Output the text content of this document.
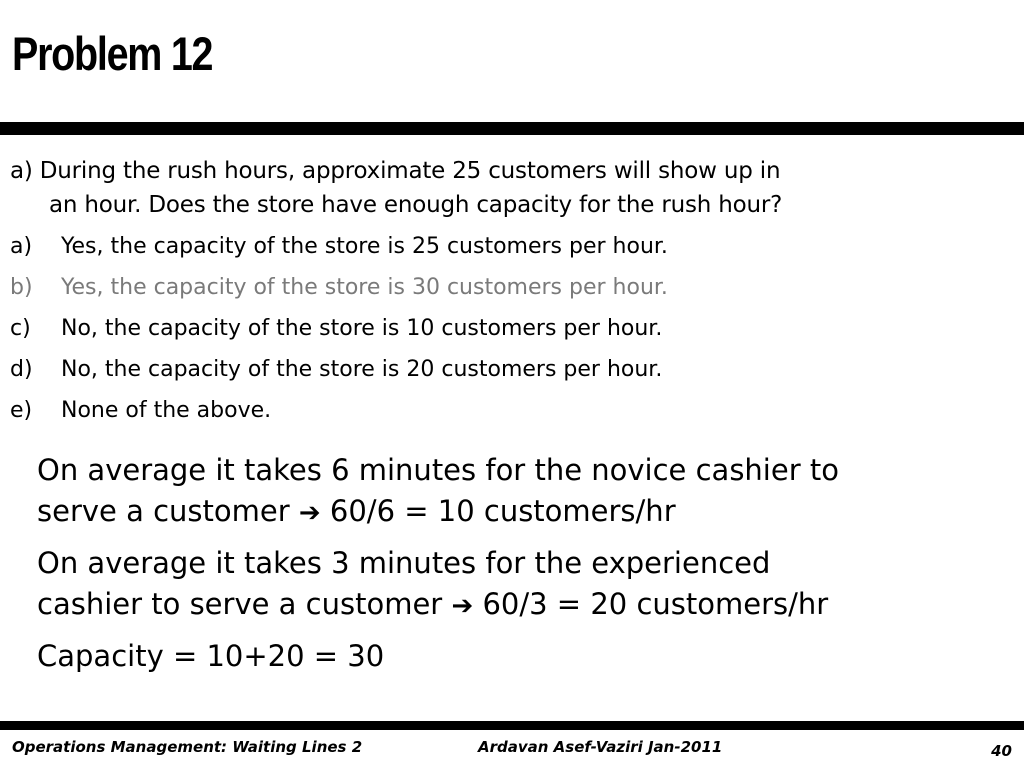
Problem 12
a) During the rush hours, approximate 25 customers will show up in
an hour. Does the store have enough capacity for the rush hour?
a) Yes, the capacity of the store is 25 customers per hour.
b) Yes, the capacity of the store is 30 customers per hour.
c) No, the capacity of the store is 10 customers per hour.
d) No, the capacity of the store is 20 customers per hour.
e) None of the above.

On average it takes 6 minutes for the novice cashier to
serve a customer ➔ 60/6 = 10 customers/hr

On average it takes 3 minutes for the experienced
cashier to serve a customer ➔ 60/3 = 20 customers/hr

Capacity = 10+20 = 30

Operations Management: Waiting Lines 2	Ardavan Asef-Vaziri Jan-2011	40
